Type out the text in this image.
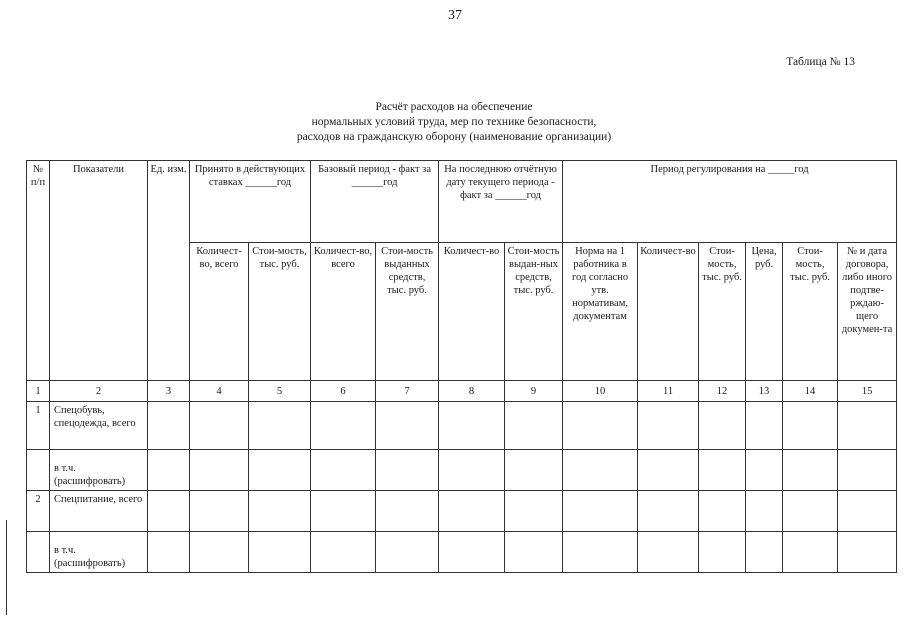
37
Таблица № 13
Расчёт расходов на обеспечение
нормальных условий труда, мер по технике безопасности,
расходов на гражданскую оборону (наименование организации)
№ п/п	Показатели	Ед. изм.	Принято в действующих ставках ______год		Базовый период - факт за ______год		На последнюю отчётную дату текущего периода - факт за ______год		Период регулирования на _____год					
			Количест-во, всего	Стои-мость, тыс. руб.	Количест-во, всего	Стои-мость выданных средств, тыс. руб.	Количест-во	Стои-мость выдан-ных средств, тыс. руб.	Норма на 1 работника в год согласно утв. нормативам, документам	Количест-во	Стои-мость, тыс. руб.	Цена, руб.	Стои-мость, тыс. руб.	№ и дата договора, либо иного подтве-рждаю-щего докумен-та
1	2	3	4	5	6	7	8	9	10	11	12	13	14	15
1	Спецобувь, спецодежда, всего													
	в т.ч. (расшифровать)													
2	Спецпитание, всего													
	в т.ч. (расшифровать)													
